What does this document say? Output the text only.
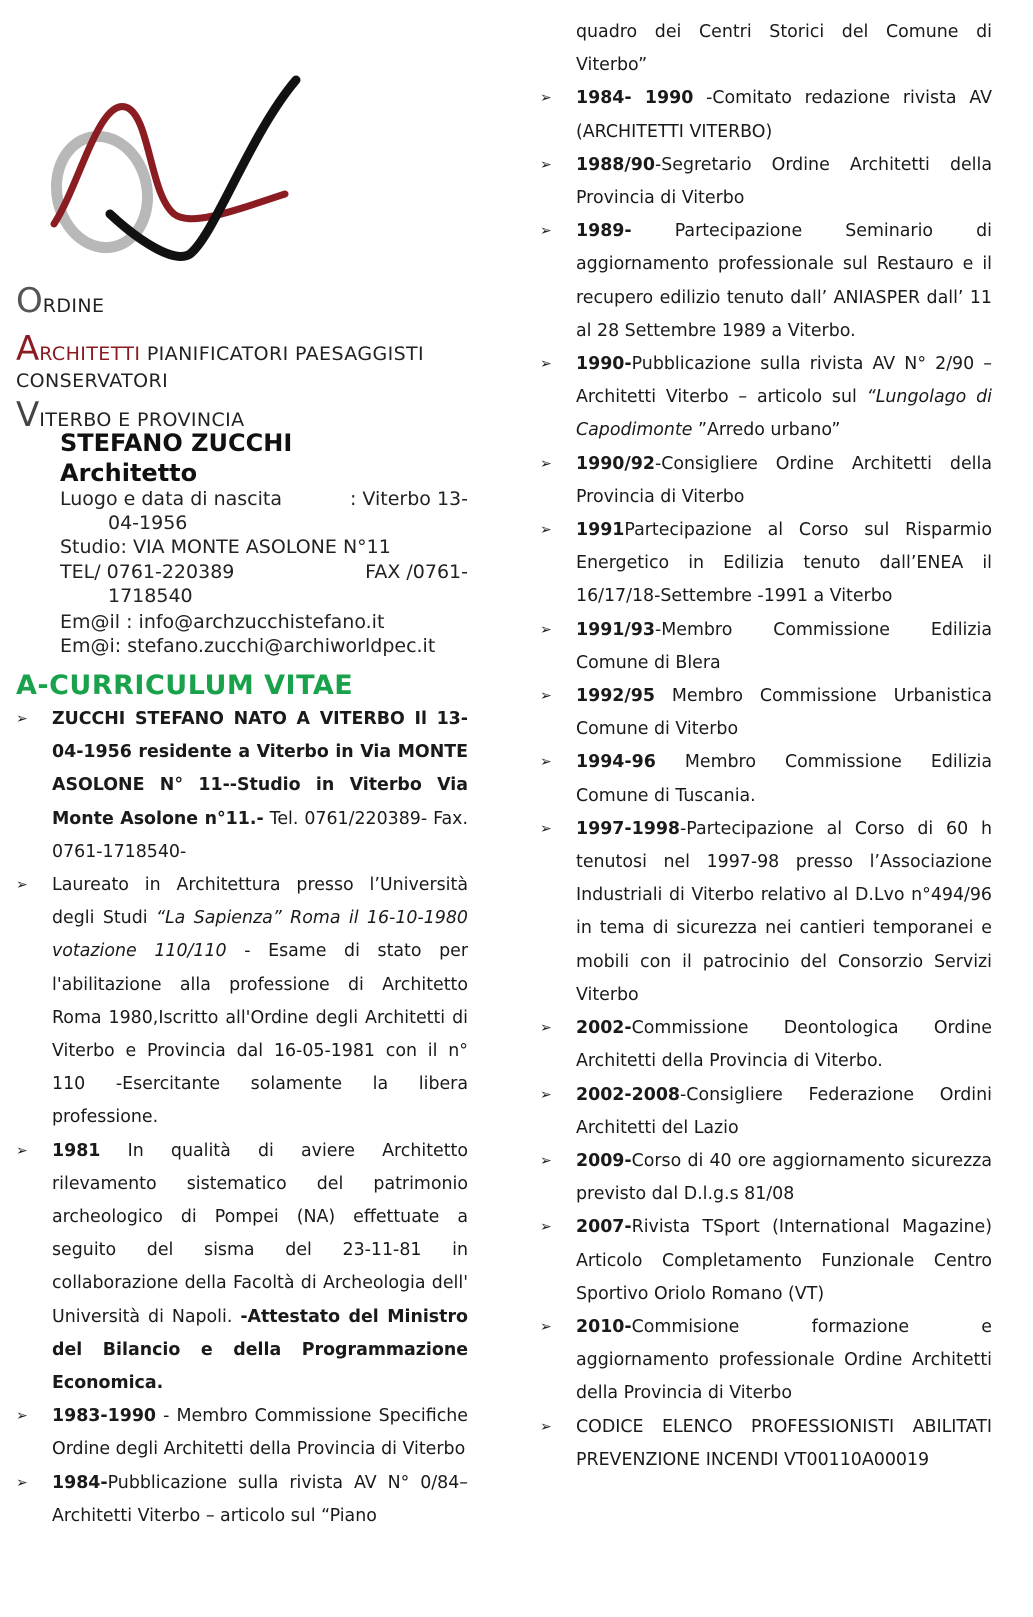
ORDINE
ARCHITETTI PIANIFICATORI PAESAGGISTI
CONSERVATORI
VITERBO E PROVINCIA
STEFANO ZUCCHI
Architetto
Luogo e data di nascita	: Viterbo 13-
04-1956
Studio: VIA MONTE ASOLONE N°11
TEL/ 0761-220389	FAX /0761-
1718540
Em@il : info@archzucchistefano.it
Em@i: stefano.zucchi@archiworldpec.it
A-CURRICULUM VITAE

➢ ZUCCHI STEFANO NATO A VITERBO Il 13-04-1956 residente a Viterbo in Via MONTE ASOLONE N° 11--Studio in Viterbo Via Monte Asolone n°11.- Tel. 0761/220389- Fax. 0761-1718540-

➢ Laureato in Architettura presso l’Università degli Studi “La Sapienza” Roma il 16-10-1980 votazione 110/110 - Esame di stato per l'abilitazione alla professione di Architetto Roma 1980,Iscritto all'Ordine degli Architetti di Viterbo e Provincia dal 16-05-1981 con il n° 110 -Esercitante solamente la libera professione.

➢ 1981 In qualità di aviere Architetto rilevamento sistematico del patrimonio archeologico di Pompei (NA) effettuate a seguito del sisma del 23-11-81 in collaborazione della Facoltà di Archeologia dell' Università di Napoli. -Attestato del Ministro del Bilancio e della Programmazione Economica.

➢ 1983-1990 - Membro Commissione Specifiche Ordine degli Architetti della Provincia di Viterbo

➢ 1984-Pubblicazione sulla rivista AV N° 0/84– Architetti Viterbo – articolo sul “Piano

quadro dei Centri Storici del Comune di Viterbo”

➢ 1984- 1990 -Comitato redazione rivista AV (ARCHITETTI VITERBO)

➢ 1988/90-Segretario Ordine Architetti della Provincia di Viterbo

➢ 1989- Partecipazione Seminario di aggiornamento professionale sul Restauro e il recupero edilizio tenuto dall’ ANIASPER dall’ 11 al 28 Settembre 1989 a Viterbo.

➢ 1990-Pubblicazione sulla rivista AV N° 2/90 – Architetti Viterbo – articolo sul “Lungolago di Capodimonte ”Arredo urbano”

➢ 1990/92-Consigliere Ordine Architetti della Provincia di Viterbo

➢ 1991Partecipazione al Corso sul Risparmio Energetico in Edilizia tenuto dall’ENEA il 16/17/18-Settembre -1991 a Viterbo

➢ 1991/93-Membro Commissione Edilizia Comune di Blera

➢ 1992/95 Membro Commissione Urbanistica Comune di Viterbo

➢ 1994-96 Membro Commissione Edilizia Comune di Tuscania.

➢ 1997-1998-Partecipazione al Corso di 60 h tenutosi nel 1997-98 presso l’Associazione Industriali di Viterbo relativo al D.Lvo n°494/96 in tema di sicurezza nei cantieri temporanei e mobili con il patrocinio del Consorzio Servizi Viterbo

➢ 2002-Commissione Deontologica Ordine Architetti della Provincia di Viterbo.

➢ 2002-2008-Consigliere Federazione Ordini Architetti del Lazio

➢ 2009-Corso di 40 ore aggiornamento sicurezza previsto dal D.l.g.s 81/08

➢ 2007-Rivista TSport (International Magazine) Articolo Completamento Funzionale Centro Sportivo Oriolo Romano (VT)

➢ 2010-Commisione formazione e aggiornamento professionale Ordine Architetti della Provincia di Viterbo

➢ CODICE ELENCO PROFESSIONISTI ABILITATI PREVENZIONE INCENDI VT00110A00019
